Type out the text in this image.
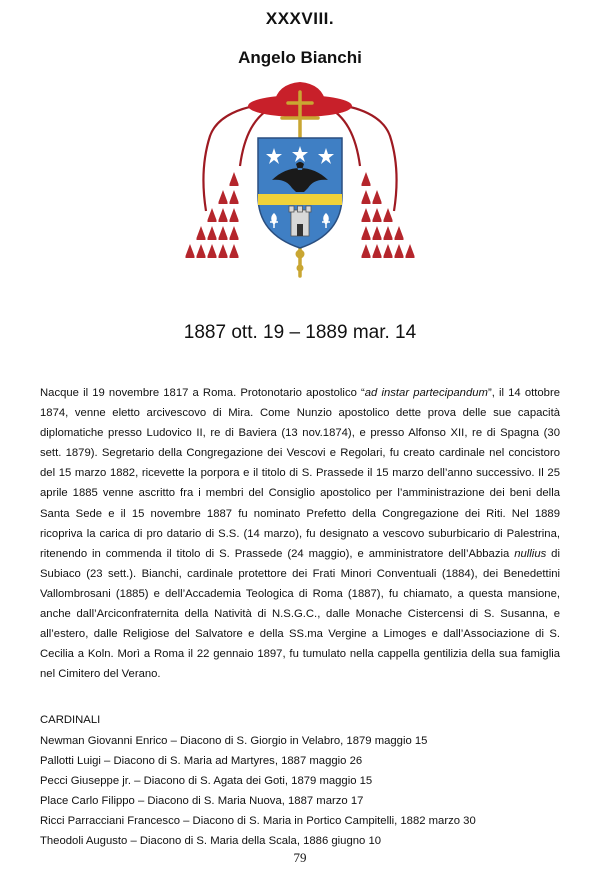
XXXVIII.
Angelo Bianchi
1887 ott. 19 – 1889 mar. 14

Nacque il 19 novembre 1817 a Roma. Protonotario apostolico “ad instar partecipandum”, il 14 ottobre 1874, venne eletto arcivescovo di Mira. Come Nunzio apostolico dette prova delle sue capacità diplomatiche presso Ludovico II, re di Baviera (13 nov.1874), e presso Alfonso XII, re di Spagna (30 sett. 1879). Segretario della Congregazione dei Vescovi e Regolari, fu creato cardinale nel concistoro del 15 marzo 1882, ricevette la porpora e il titolo di S. Prassede il 15 marzo dell’anno successivo. Il 25 aprile 1885 venne ascritto fra i membri del Consiglio apostolico per l’amministrazione dei beni della Santa Sede e il 15 novembre 1887 fu nominato Prefetto della Congregazione dei Riti. Nel 1889 ricopriva la carica di pro datario di S.S. (14 marzo), fu designato a vescovo suburbicario di Palestrina, ritenendo in commenda il titolo di S. Prassede (24 maggio), e amministratore dell’Abbazia nullius di Subiaco (23 sett.). Bianchi, cardinale protettore dei Frati Minori Conventuali (1884), dei Benedettini Vallombrosani (1885) e dell’Accademia Teologica di Roma (1887), fu chiamato, a questa mansione, anche dall’Arciconfraternita della Natività di N.S.G.C., dalle Monache Cistercensi di S. Susanna, e all’estero, dalle Religiose del Salvatore e della SS.ma Vergine a Limoges e dall’Associazione di S. Cecilia a Koln. Morì a Roma il 22 gennaio 1897, fu tumulato nella cappella gentilizia della sua famiglia nel Cimitero del Verano.

CARDINALI
Newman Giovanni Enrico – Diacono di S. Giorgio in Velabro, 1879 maggio 15
Pallotti Luigi – Diacono di S. Maria ad Martyres, 1887 maggio 26
Pecci Giuseppe jr. – Diacono di S. Agata dei Goti, 1879 maggio 15
Place Carlo Filippo – Diacono di S. Maria Nuova, 1887 marzo 17
Ricci Parracciani Francesco – Diacono di S. Maria in Portico Campitelli, 1882 marzo 30
Theodoli Augusto – Diacono di S. Maria della Scala, 1886 giugno 10
79
